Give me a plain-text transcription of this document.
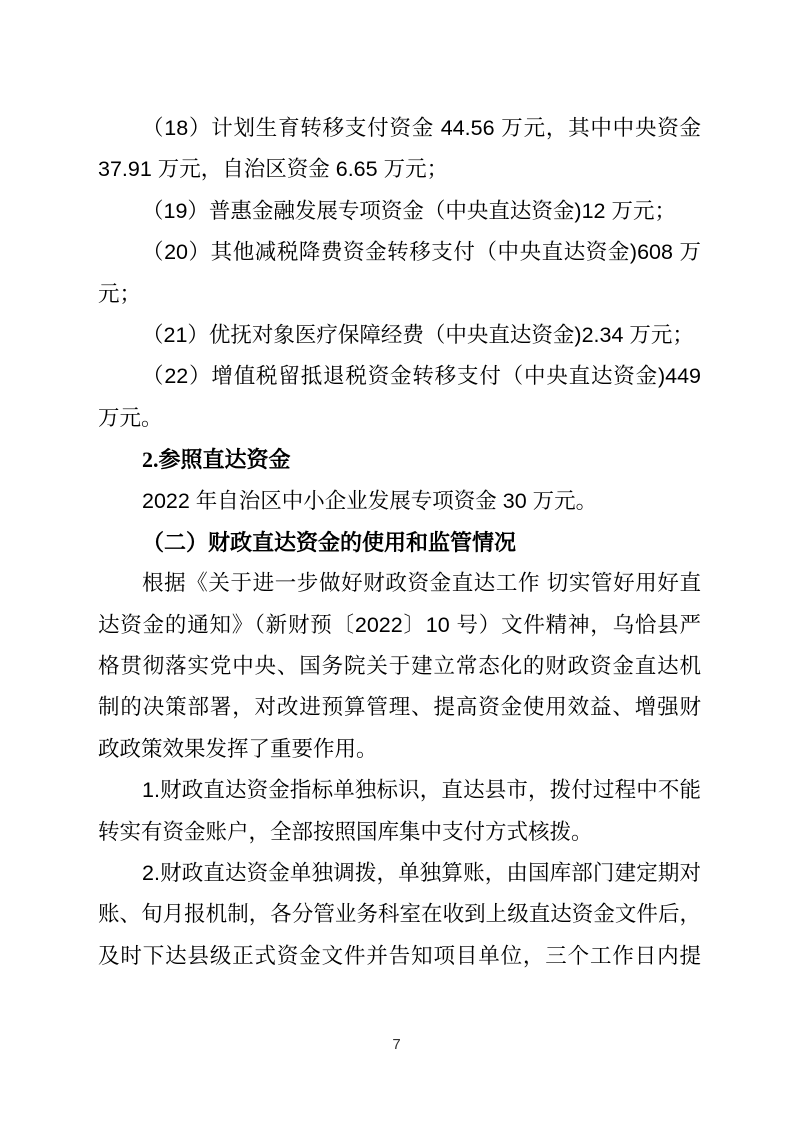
（18）计划生育转移支付资金 44.56 万元，其中中央资金
37.91 万元，自治区资金 6.65 万元；
（19）普惠金融发展专项资金（中央直达资金)12 万元；
（20）其他减税降费资金转移支付（中央直达资金)608 万
元；
（21）优抚对象医疗保障经费（中央直达资金)2.34 万元；
（22）增值税留抵退税资金转移支付（中央直达资金)449
万元。
2.参照直达资金
2022 年自治区中小企业发展专项资金 30 万元。
（二）财政直达资金的使用和监管情况
根据《关于进一步做好财政资金直达工作 切实管好用好直
达资金的通知》（新财预〔2022〕10 号）文件精神，乌恰县严
格贯彻落实党中央、国务院关于建立常态化的财政资金直达机
制的决策部署，对改进预算管理、提高资金使用效益、增强财
政政策效果发挥了重要作用。
1.财政直达资金指标单独标识，直达县市，拨付过程中不能
转实有资金账户，全部按照国库集中支付方式核拨。
2.财政直达资金单独调拨，单独算账，由国库部门建定期对
账、旬月报机制，各分管业务科室在收到上级直达资金文件后，
及时下达县级正式资金文件并告知项目单位，三个工作日内提
7
